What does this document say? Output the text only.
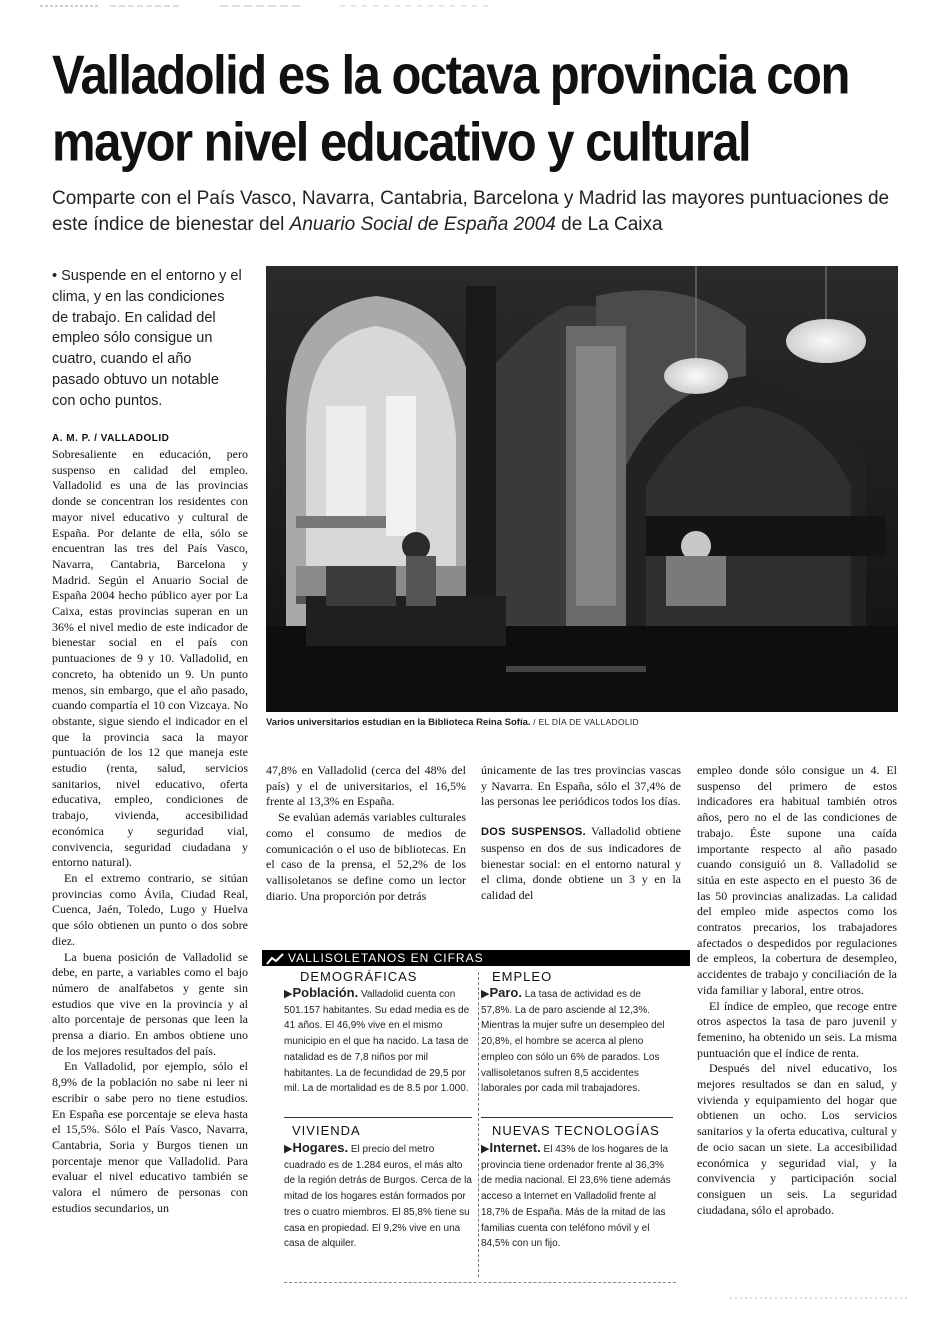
Valladolid es la octava provincia con mayor nivel educativo y cultural

Comparte con el País Vasco, Navarra, Cantabria, Barcelona y Madrid las mayores puntuaciones de este índice de bienestar del Anuario Social de España 2004 de La Caixa

• Suspende en el entorno y el clima, y en las condiciones de trabajo. En calidad del empleo sólo consigue un cuatro, cuando el año pasado obtuvo un notable con ocho puntos.

A. M. P. / VALLADOLID

Sobresaliente en educación, pero suspenso en calidad del empleo. Valladolid es una de las provincias donde se concentran los residentes con mayor nivel educativo y cultural de España. Por delante de ella, sólo se encuentran las tres del País Vasco, Navarra, Cantabria, Barcelona y Madrid. Según el Anuario Social de España 2004 hecho público ayer por La Caixa, estas provincias superan en un 36% el nivel medio de este indicador de bienestar social en el país con puntuaciones de 9 y 10. Valladolid, en concreto, ha obtenido un 9. Un punto menos, sin embargo, que el año pasado, cuando compartía el 10 con Vizcaya. No obstante, sigue siendo el indicador en el que la provincia saca la mayor puntuación de los 12 que maneja este estudio (renta, salud, servicios sanitarios, nivel educativo, oferta educativa, empleo, condiciones de trabajo, vivienda, accesibilidad económica y seguridad vial, convivencia, seguridad ciudadana y entorno natural).

En el extremo contrario, se sitúan provincias como Ávila, Ciudad Real, Cuenca, Jaén, Toledo, Lugo y Huelva que sólo obtienen un punto o dos sobre diez.

La buena posición de Valladolid se debe, en parte, a variables como el bajo número de analfabetos y gente sin estudios que vive en la provincia y al alto porcentaje de personas que leen la prensa a diario. En ambos obtiene uno de los mejores resultados del país.

En Valladolid, por ejemplo, sólo el 8,9% de la población no sabe ni leer ni escribir o sabe pero no tiene estudios. En España ese porcentaje se eleva hasta el 15,5%. Sólo el País Vasco, Navarra, Cantabria, Soria y Burgos tienen un porcentaje menor que Valladolid. Para evaluar el nivel educativo también se valora el número de personas con estudios secundarios, un

Varios universitarios estudian en la Biblioteca Reina Sofía. / EL DÍA DE VALLADOLID

47,8% en Valladolid (cerca del 48% del país) y el de universitarios, el 16,5% frente al 13,3% en España.

Se evalúan además variables culturales como el consumo de medios de comunicación o el uso de bibliotecas. En el caso de la prensa, el 52,2% de los vallisoletanos se define como un lector diario. Una proporción por detrás

únicamente de las tres provincias vascas y Navarra. En España, sólo el 37,4% de las personas lee periódicos todos los días.

DOS SUSPENSOS. Valladolid obtiene suspenso en dos de sus indicadores de bienestar social: en el entorno natural y el clima, donde obtiene un 3 y en la calidad del

empleo donde sólo consigue un 4. El suspenso del primero de estos indicadores era habitual también otros años, pero no el de las condiciones de trabajo. Éste supone una caída importante respecto al año pasado cuando consiguió un 8. Valladolid se sitúa en este aspecto en el puesto 36 de las 50 provincias analizadas. La calidad del empleo mide aspectos como los contratos precarios, los trabajadores afectados o despedidos por regulaciones de empleos, la cobertura de desempleo, accidentes de trabajo y conciliación de la vida familiar y laboral, entre otros.

El índice de empleo, que recoge entre otros aspectos la tasa de paro juvenil y femenino, ha obtenido un seis. La misma puntuación que el índice de renta.

Después del nivel educativo, los mejores resultados se dan en salud, y vivienda y equipamiento del hogar que obtienen un ocho. Los servicios sanitarios y la oferta educativa, cultural y de ocio sacan un siete. La accesibilidad económica y seguridad vial, y la convivencia y participación social consiguen un seis. La seguridad ciudadana, sólo el aprobado.

VALLISOLETANOS EN CIFRAS
DEMOGRÁFICAS	EMPLEO
▶Población. Valladolid cuenta con 501.157 habitantes. Su edad media es de 41 años. El 46,9% vive en el mismo municipio en el que ha nacido. La tasa de natalidad es de 7,8 niños por mil habitantes. La de fecundidad de 29,5 por mil. La de mortalidad es de 8.5 por 1.000.
▶Paro. La tasa de actividad es de 57,8%. La de paro asciende al 12,3%. Mientras la mujer sufre un desempleo del 20,8%, el hombre se acerca al pleno empleo con sólo un 6% de parados. Los vallisoletanos sufren 8,5 accidentes laborales por cada mil trabajadores.
VIVIENDA	NUEVAS TECNOLOGÍAS
▶Hogares. El precio del metro cuadrado es de 1.284 euros, el más alto de la región detrás de Burgos. Cerca de la mitad de los hogares están formados por tres o cuatro miembros. El 85,8% tiene su casa en propiedad. El 9,2% vive en una casa de alquiler.
▶Internet. El 43% de los hogares de la provincia tiene ordenador frente al 36,3% de media nacional. El 23,6% tiene además acceso a Internet en Valladolid frente al 18,7% de España. Más de la mitad de las familias cuenta con teléfono móvil y el 84,5% con un fijo.
